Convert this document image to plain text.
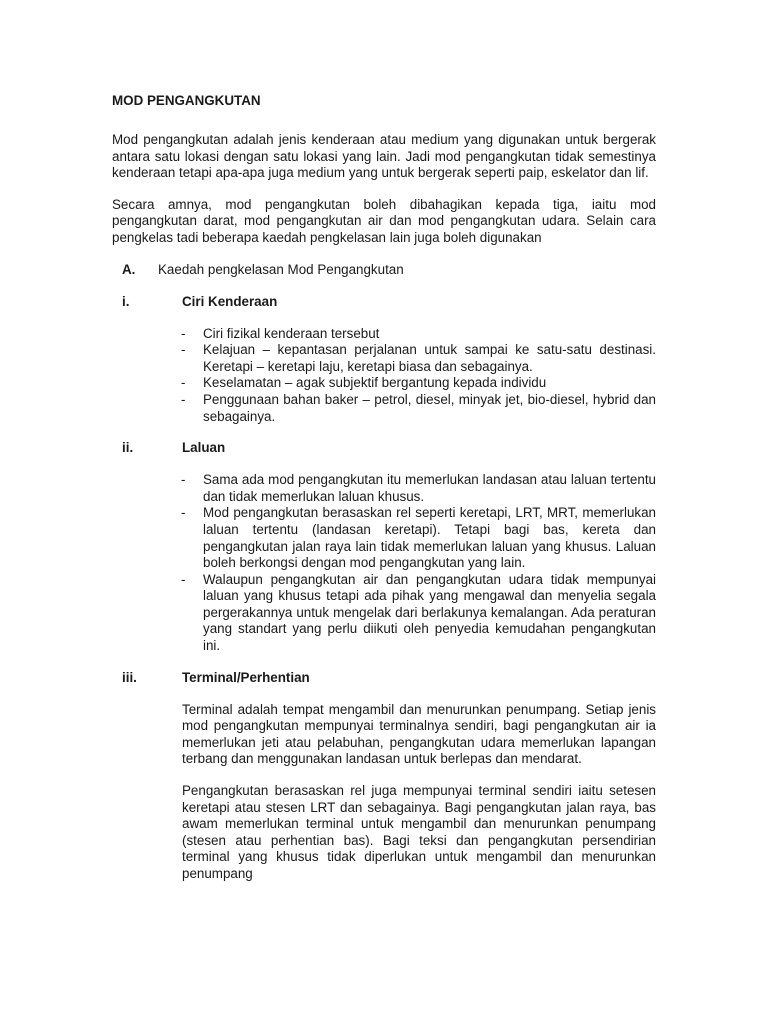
MOD PENGANGKUTAN

Mod pengangkutan adalah jenis kenderaan atau medium yang digunakan untuk bergerak antara satu lokasi dengan satu lokasi yang lain. Jadi mod pengangkutan tidak semestinya kenderaan tetapi apa-apa juga medium yang untuk bergerak seperti paip, eskelator dan lif.

Secara amnya, mod pengangkutan boleh dibahagikan kepada tiga, iaitu mod pengangkutan darat, mod pengangkutan air dan mod pengangkutan udara. Selain cara pengkelas tadi beberapa kaedah pengkelasan lain juga boleh digunakan

A. Kaedah pengkelasan Mod Pengangkutan
i.	Ciri Kenderaan
- Ciri fizikal kenderaan tersebut
- Kelajuan – kepantasan perjalanan untuk sampai ke satu-satu destinasi. Keretapi – keretapi laju, keretapi biasa dan sebagainya.
- Keselamatan – agak subjektif bergantung kepada individu
- Penggunaan bahan baker – petrol, diesel, minyak jet, bio-diesel, hybrid dan sebagainya.
ii.	Laluan
- Sama ada mod pengangkutan itu memerlukan landasan atau laluan tertentu dan tidak memerlukan laluan khusus.
- Mod pengangkutan berasaskan rel seperti keretapi, LRT, MRT, memerlukan laluan tertentu (landasan keretapi). Tetapi bagi bas, kereta dan pengangkutan jalan raya lain tidak memerlukan laluan yang khusus. Laluan boleh berkongsi dengan mod pengangkutan yang lain.
- Walaupun pengangkutan air dan pengangkutan udara tidak mempunyai laluan yang khusus tetapi ada pihak yang mengawal dan menyelia segala pergerakannya untuk mengelak dari berlakunya kemalangan. Ada peraturan yang standart yang perlu diikuti oleh penyedia kemudahan pengangkutan ini.
iii.	Terminal/Perhentian

Terminal adalah tempat mengambil dan menurunkan penumpang. Setiap jenis mod pengangkutan mempunyai terminalnya sendiri, bagi pengangkutan air ia memerlukan jeti atau pelabuhan, pengangkutan udara memerlukan lapangan terbang dan menggunakan landasan untuk berlepas dan mendarat.

Pengangkutan berasaskan rel juga mempunyai terminal sendiri iaitu setesen keretapi atau stesen LRT dan sebagainya. Bagi pengangkutan jalan raya, bas awam memerlukan terminal untuk mengambil dan menurunkan penumpang (stesen atau perhentian bas). Bagi teksi dan pengangkutan persendirian terminal yang khusus tidak diperlukan untuk mengambil dan menurunkan penumpang
